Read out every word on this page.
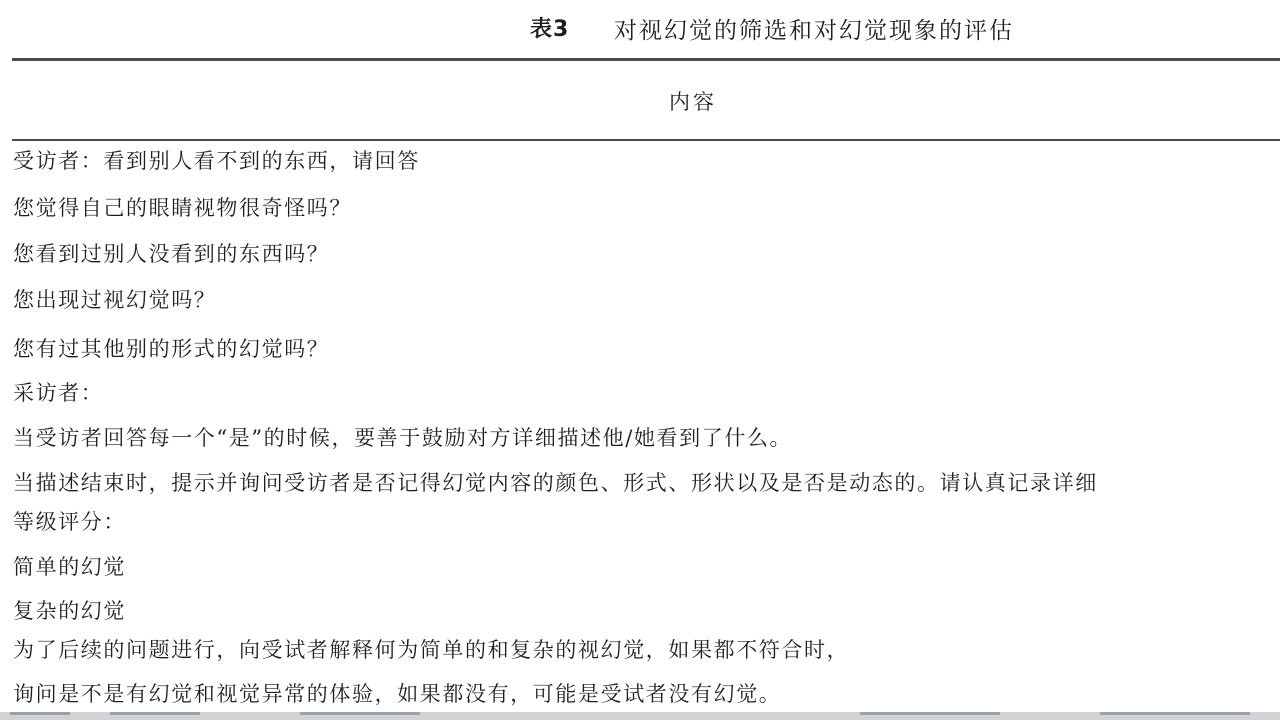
表3 对视幻觉的筛选和对幻觉现象的评估
内容
受访者：看到别人看不到的东西，请回答
您觉得自己的眼睛视物很奇怪吗？
您看到过别人没看到的东西吗？
您出现过视幻觉吗？
您有过其他别的形式的幻觉吗？
采访者：
当受访者回答每一个“是”的时候，要善于鼓励对方详细描述他/她看到了什么。
当描述结束时，提示并询问受访者是否记得幻觉内容的颜色、形式、形状以及是否是动态的。请认真记录详细
等级评分：
简单的幻觉
复杂的幻觉
为了后续的问题进行，向受试者解释何为简单的和复杂的视幻觉，如果都不符合时，
询问是不是有幻觉和视觉异常的体验，如果都没有，可能是受试者没有幻觉。
